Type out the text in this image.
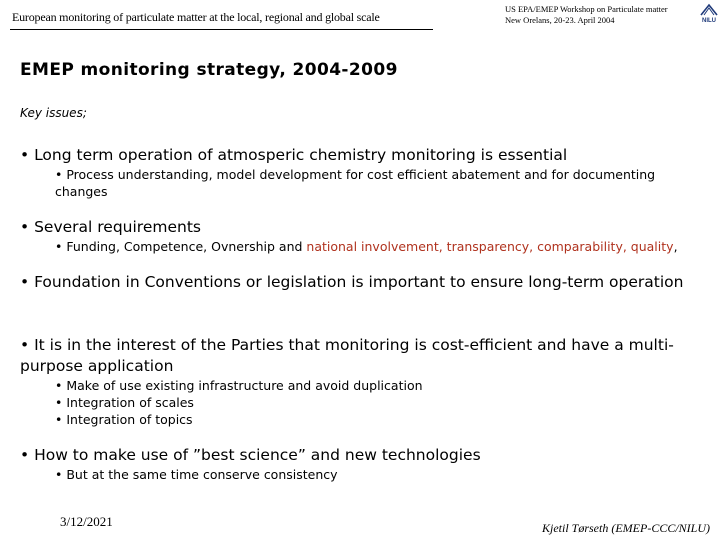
European monitoring of particulate matter at the local, regional and global scale
US EPA/EMEP Workshop on Particulate matter
New Orelans, 20-23. April 2004	NILU
EMEP monitoring strategy, 2004-2009
Key issues;
• Long term operation of atmosperic chemistry monitoring is essential
• Process understanding, model development for cost efficient abatement and for documenting changes
• Several requirements
• Funding, Competence, Ovnership and national involvement, transparency, comparability, quality,
• Foundation in Conventions or legislation is important to ensure long-term operation
• It is in the interest of the Parties that monitoring is cost-efficient and have a multi-purpose application
• Make of use existing infrastructure and avoid duplication
• Integration of scales
• Integration of topics
• How to make use of ”best science” and new technologies
• But at the same time conserve consistency
3/12/2021	Kjetil Tørseth (EMEP-CCC/NILU)
